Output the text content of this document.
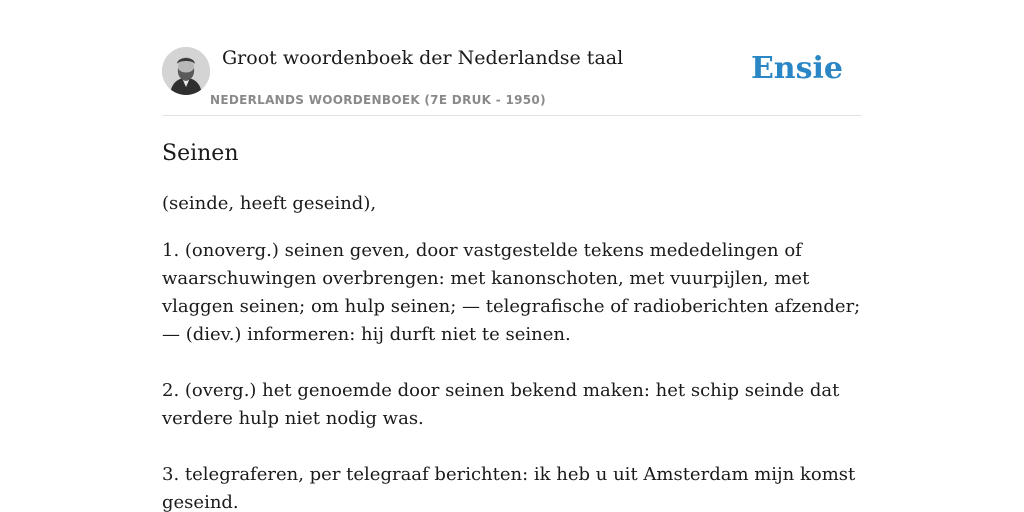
Groot woordenboek der Nederlandse taal
NEDERLANDS WOORDENBOEK (7E DRUK - 1950)
Ensie
Seinen

(seinde, heeft geseind),

1. (onoverg.) seinen geven, door vastgestelde tekens mededelingen of waarschuwingen overbrengen: met kanonschoten, met vuurpijlen, met vlaggen seinen; om hulp seinen; — telegrafische of radioberichten afzender; — (diev.) informeren: hij durft niet te seinen.

2. (overg.) het genoemde door seinen bekend maken: het schip seinde dat verdere hulp niet nodig was.

3. telegraferen, per telegraaf berichten: ik heb u uit Amsterdam mijn komst geseind.
